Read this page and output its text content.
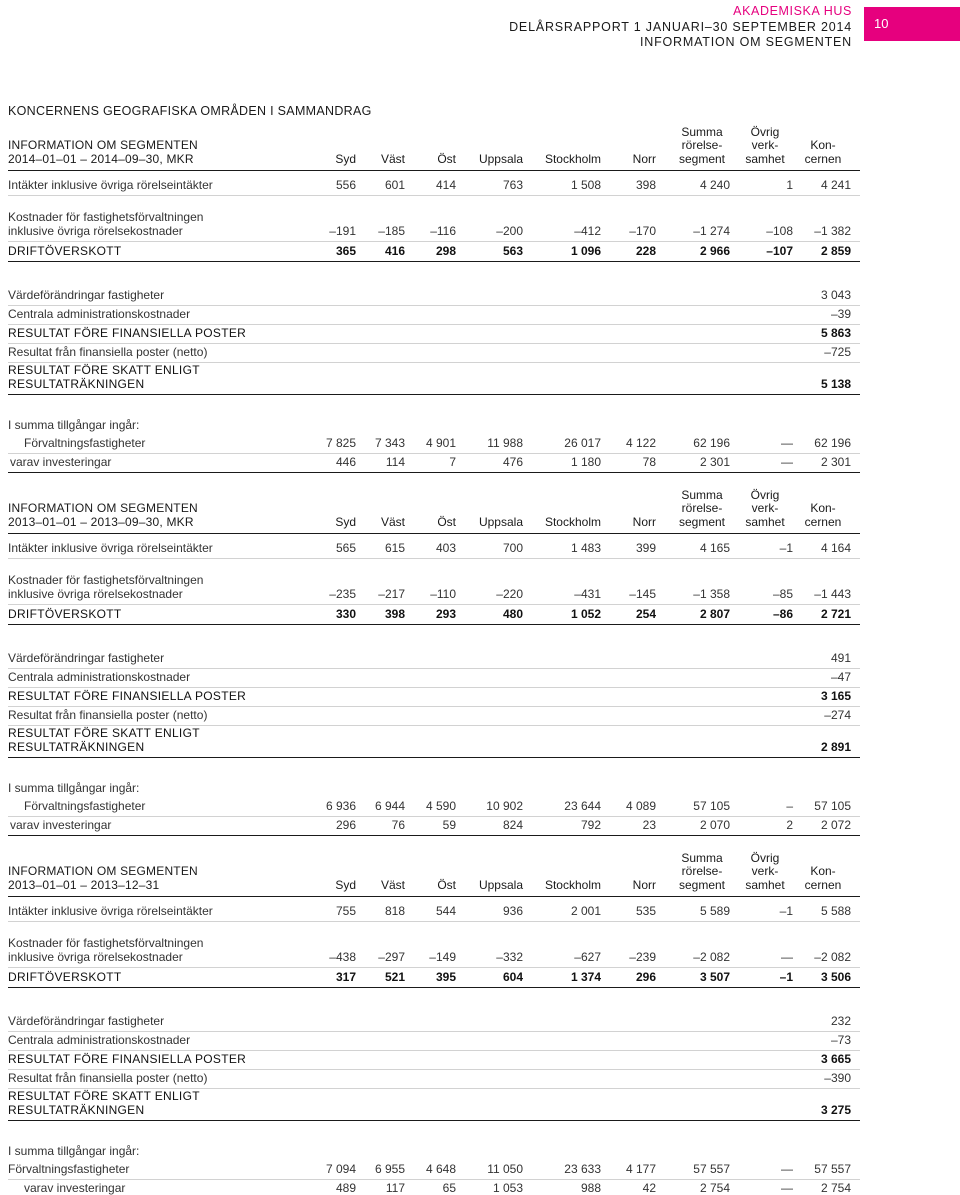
AKADEMISKA HUS
DELÅRSRAPPORT 1 JANUARI–30 SEPTEMBER 2014
INFORMATION OM SEGMENTEN
10
KONCERNENS GEOGRAFISKA OMRÅDEN I SAMMANDRAG
INFORMATION OM SEGMENTEN
2014–01–01 – 2014–09–30, MKR	Syd	Väst	Öst	Uppsala	Stockholm	Norr
Summa
rörelse-
segment
Övrig
verk-
samhet
Kon-
cernen
Intäkter inklusive övriga rörelseintäkter	556	601	414	763	1 508	398	4 240	1	4 241
Kostnader för fastighetsförvaltningen
inklusive övriga rörelsekostnader	–191	–185	–116	–200	–412	–170	–1 274	–108	–1 382
DRIFTÖVERSKOTT	365	416	298	563	1 096	228	2 966	–107	2 859
Värdeförändringar fastigheter	3 043
Centrala administrationskostnader	–39
RESULTAT FÖRE FINANSIELLA POSTER	5 863
Resultat från finansiella poster (netto)	–725
RESULTAT FÖRE SKATT ENLIGT
RESULTATRÄKNINGEN	5 138
I summa tillgångar ingår:
Förvaltningsfastigheter	7 825	7 343	4 901	11 988	26 017	4 122	62 196	—	62 196
varav investeringar	446	114	7	476	1 180	78	2 301	—	2 301
INFORMATION OM SEGMENTEN
2013–01–01 – 2013–09–30, MKR	Syd	Väst	Öst	Uppsala	Stockholm	Norr
Summa
rörelse-
segment
Övrig
verk-
samhet
Kon-
cernen
Intäkter inklusive övriga rörelseintäkter	565	615	403	700	1 483	399	4 165	–1	4 164
Kostnader för fastighetsförvaltningen
inklusive övriga rörelsekostnader	–235	–217	–110	–220	–431	–145	–1 358	–85	–1 443
DRIFTÖVERSKOTT	330	398	293	480	1 052	254	2 807	–86	2 721
Värdeförändringar fastigheter	491
Centrala administrationskostnader	–47
RESULTAT FÖRE FINANSIELLA POSTER	3 165
Resultat från finansiella poster (netto)	–274
RESULTAT FÖRE SKATT ENLIGT
RESULTATRÄKNINGEN	2 891
I summa tillgångar ingår:
Förvaltningsfastigheter	6 936	6 944	4 590	10 902	23 644	4 089	57 105	–	57 105
varav investeringar	296	76	59	824	792	23	2 070	2	2 072
INFORMATION OM SEGMENTEN
2013–01–01 – 2013–12–31	Syd	Väst	Öst	Uppsala	Stockholm	Norr
Summa
rörelse-
segment
Övrig
verk-
samhet
Kon-
cernen
Intäkter inklusive övriga rörelseintäkter	755	818	544	936	2 001	535	5 589	–1	5 588
Kostnader för fastighetsförvaltningen
inklusive övriga rörelsekostnader	–438	–297	–149	–332	–627	–239	–2 082	—	–2 082
DRIFTÖVERSKOTT	317	521	395	604	1 374	296	3 507	–1	3 506
Värdeförändringar fastigheter	232
Centrala administrationskostnader	–73
RESULTAT FÖRE FINANSIELLA POSTER	3 665
Resultat från finansiella poster (netto)	–390
RESULTAT FÖRE SKATT ENLIGT
RESULTATRÄKNINGEN	3 275
I summa tillgångar ingår:
Förvaltningsfastigheter	7 094	6 955	4 648	11 050	23 633	4 177	57 557	—	57 557
varav investeringar	489	117	65	1 053	988	42	2 754	—	2 754
